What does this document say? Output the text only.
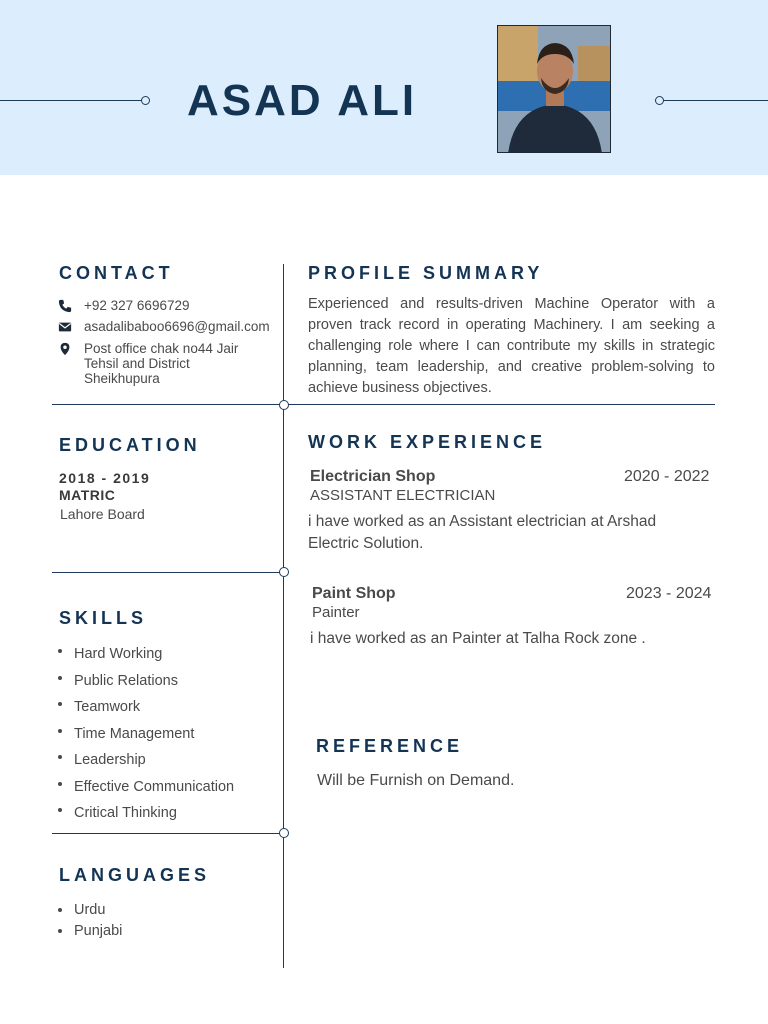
ASAD ALI
CONTACT
+92 327 6696729
asadalibaboo6696@gmail.com
Post office chak no44 Jair
Tehsil and District
Sheikhupura
EDUCATION
2018 - 2019
MATRIC
Lahore Board
SKILLS
Hard Working
Public Relations
Teamwork
Time Management
Leadership
Effective Communication
Critical Thinking
LANGUAGES
Urdu
Punjabi
PROFILE SUMMARY
Experienced and results-driven Machine Operator with a proven track record in operating Machinery. I am seeking a challenging role where I can contribute my skills in strategic planning, team leadership, and creative problem-solving to achieve business objectives.
WORK EXPERIENCE
Electrician Shop	2020 - 2022
ASSISTANT ELECTRICIAN
i have worked as an Assistant electrician at Arshad Electric Solution.
Paint Shop	2023 - 2024
Painter
i have worked as an Painter at Talha Rock zone .
REFERENCE
Will be Furnish on Demand.
